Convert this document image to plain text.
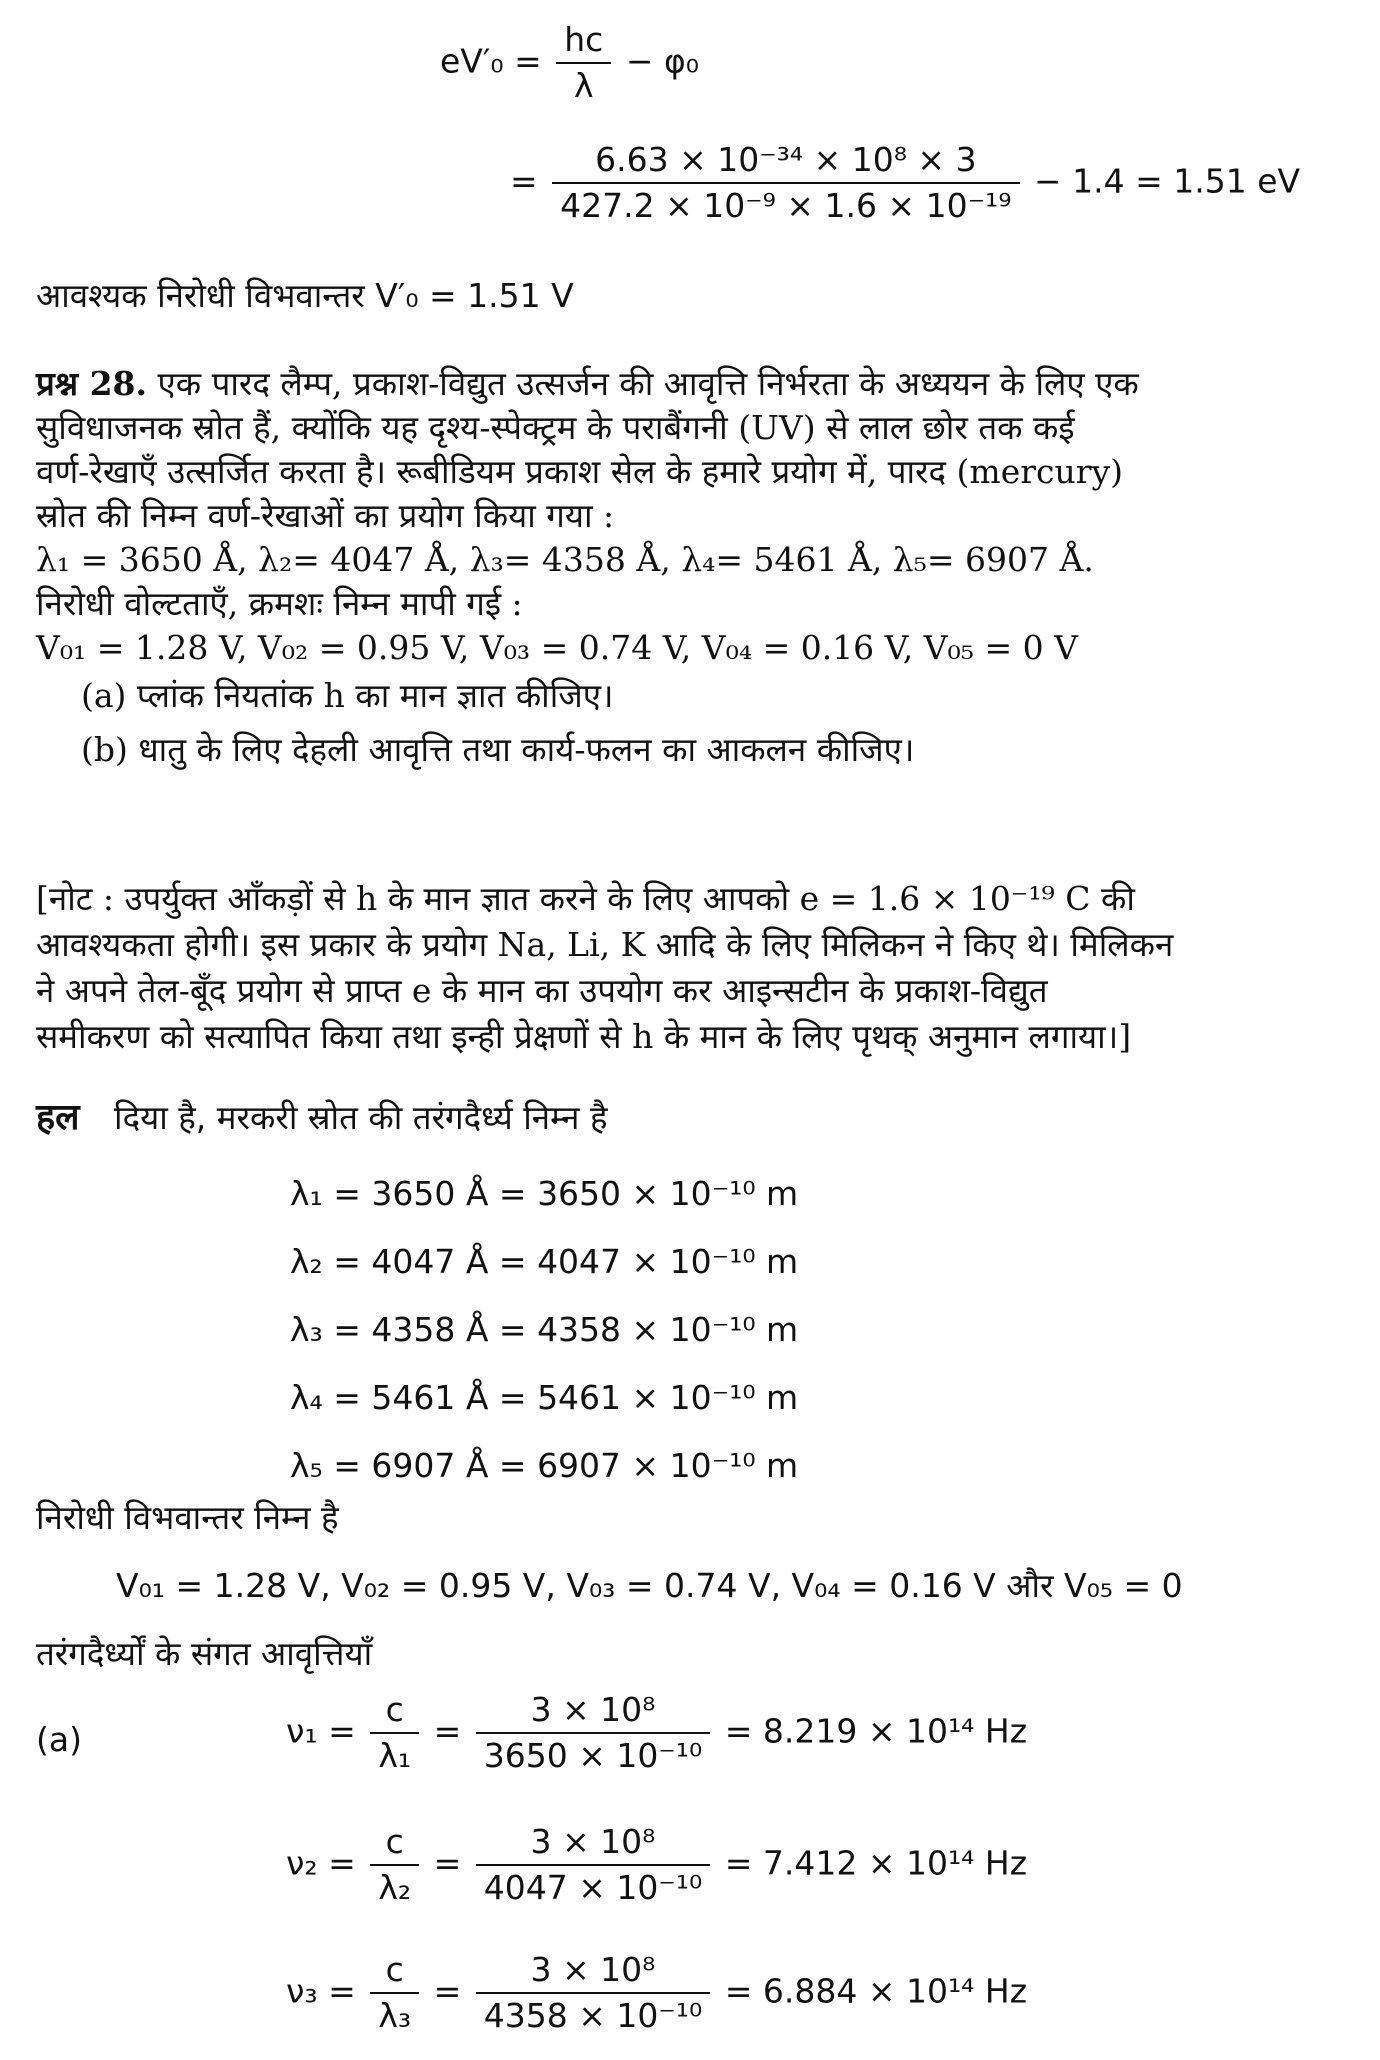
$eV'_0 = \frac{hc}{\lambda} - \varphi_0$
= $\frac{\text{6.63 × 10⁻³⁴ × 10⁸ × 3}}{\text{427.2 × 10⁻⁹ × 1.6 × 10⁻¹⁹}} - 1.4 = 1.51$ eV
आवश्यक निरोधी विभवान्तर V′₀ = 1.51 V
प्रश्न 28. एक पारद लैम्प, प्रकाश-विद्युत उत्सर्जन की आवृत्ति निर्भरता के अध्ययन के लिए एक
सुविधाजनक स्रोत हैं, क्योंकि यह दृश्य-स्पेक्ट्रम के पराबैंगनी (UV) से लाल छोर तक कई
वर्ण-रेखाएँ उत्सर्जित करता है। रूबीडियम प्रकाश सेल के हमारे प्रयोग में, पारद (mercury)
स्रोत की निम्न वर्ण-रेखाओं का प्रयोग किया गया :
λ₁ = 3650 Å, λ₂= 4047 Å, λ₃= 4358 Å, λ₄= 5461 Å, λ₅= 6907 Å.
निरोधी वोल्टताएँ, क्रमशः निम्न मापी गई :
V₀₁ = 1.28 V, V₀₂ = 0.95 V, V₀₃ = 0.74 V, V₀₄ = 0.16 V, V₀₅ = 0 V
(a) प्लांक नियतांक h का मान ज्ञात कीजिए।
(b) धातु के लिए देहली आवृत्ति तथा कार्य-फलन का आकलन कीजिए।
[नोट : उपर्युक्त आँकड़ों से h के मान ज्ञात करने के लिए आपको e = 1.6 × 10⁻¹⁹ C की
आवश्यकता होगी। इस प्रकार के प्रयोग Na, Li, K आदि के लिए मिलिकन ने किए थे। मिलिकन
ने अपने तेल-बूँद प्रयोग से प्राप्त e के मान का उपयोग कर आइन्सटीन के प्रकाश-विद्युत
समीकरण को सत्यापित किया तथा इन्ही प्रेक्षणों से h के मान के लिए पृथक् अनुमान लगाया।]
हल दिया है, मरकरी स्रोत की तरंगदैर्ध्य निम्न है
λ₁ = 3650 Å = 3650 × 10⁻¹⁰ m
λ₂ = 4047 Å = 4047 × 10⁻¹⁰ m
λ₃ = 4358 Å = 4358 × 10⁻¹⁰ m
λ₄ = 5461 Å = 5461 × 10⁻¹⁰ m
λ₅ = 6907 Å = 6907 × 10⁻¹⁰ m
निरोधी विभवान्तर निम्न है
V₀₁ = 1.28 V, V₀₂ = 0.95 V, V₀₃ = 0.74 V, V₀₄ = 0.16 V और V₀₅ = 0
तरंगदैर्ध्यों के संगत आवृत्तियाँ
(a)	$\nu_1 = \frac{c}{\text{λ₁}} = \frac{\text{3 × 10⁸}}{\text{3650 × 10⁻¹⁰}} = 8.219 \times 10^{14}$ Hz
$\nu_2 = \frac{c}{\text{λ₂}} = \frac{\text{3 × 10⁸}}{\text{4047 × 10⁻¹⁰}} = 7.412 \times 10^{14}$ Hz
$\nu_3 = \frac{c}{\text{λ₃}} = \frac{\text{3 × 10⁸}}{\text{4358 × 10⁻¹⁰}} = 6.884 \times 10^{14}$ Hz
